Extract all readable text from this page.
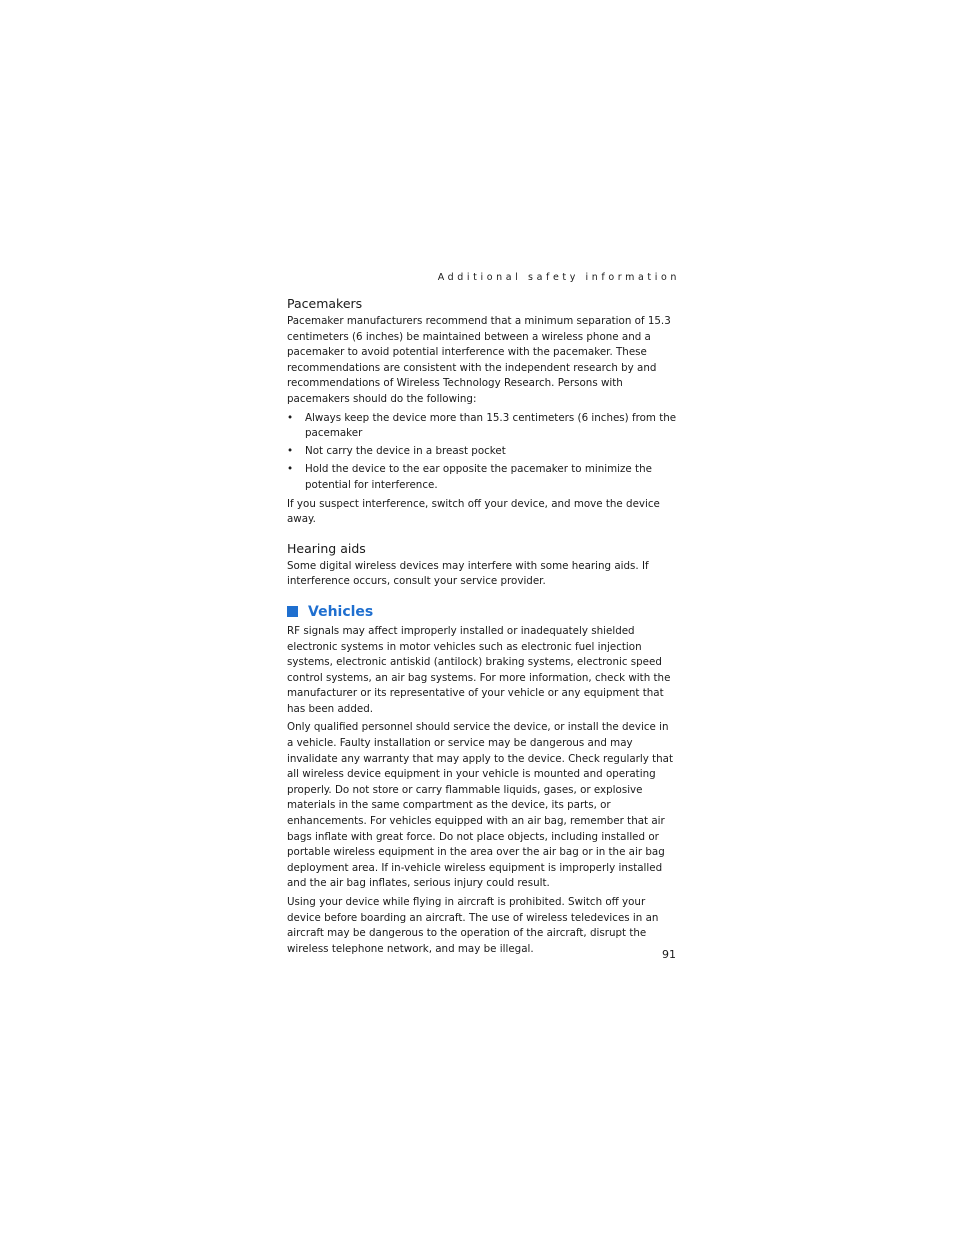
Additional safety information
Pacemakers

Pacemaker manufacturers recommend that a minimum separation of 15.3 centimeters (6 inches) be maintained between a wireless phone and a pacemaker to avoid potential interference with the pacemaker. These recommendations are consistent with the independent research by and recommendations of Wireless Technology Research. Persons with pacemakers should do the following:

• Always keep the device more than 15.3 centimeters (6 inches) from the pacemaker
• Not carry the device in a breast pocket
• Hold the device to the ear opposite the pacemaker to minimize the potential for interference.

If you suspect interference, switch off your device, and move the device away.

Hearing aids

Some digital wireless devices may interfere with some hearing aids. If interference occurs, consult your service provider.

Vehicles

RF signals may affect improperly installed or inadequately shielded electronic systems in motor vehicles such as electronic fuel injection systems, electronic antiskid (antilock) braking systems, electronic speed control systems, an air bag systems. For more information, check with the manufacturer or its representative of your vehicle or any equipment that has been added.

Only qualified personnel should service the device, or install the device in a vehicle. Faulty installation or service may be dangerous and may invalidate any warranty that may apply to the device. Check regularly that all wireless device equipment in your vehicle is mounted and operating properly. Do not store or carry flammable liquids, gases, or explosive materials in the same compartment as the device, its parts, or enhancements. For vehicles equipped with an air bag, remember that air bags inflate with great force. Do not place objects, including installed or portable wireless equipment in the area over the air bag or in the air bag deployment area. If in-vehicle wireless equipment is improperly installed and the air bag inflates, serious injury could result.

Using your device while flying in aircraft is prohibited. Switch off your device before boarding an aircraft. The use of wireless teledevices in an aircraft may be dangerous to the operation of the aircraft, disrupt the wireless telephone network, and may be illegal.	91
